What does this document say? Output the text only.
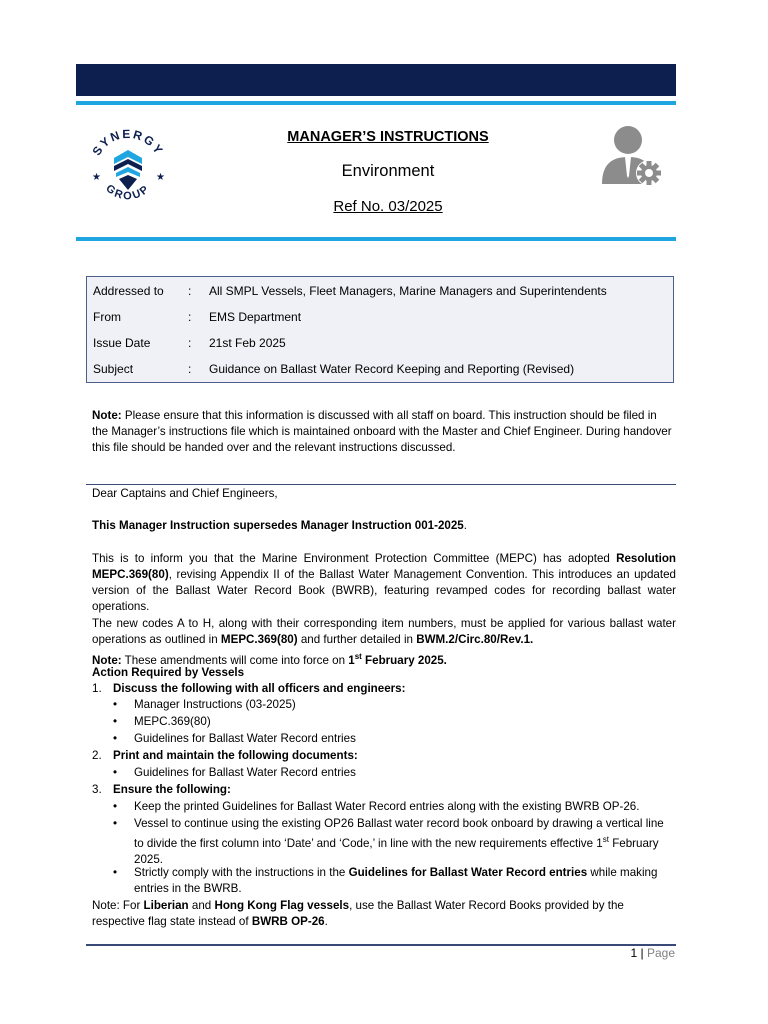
SYNERGY
GROUP
★	★
MANAGER’S INSTRUCTIONS
Environment
Ref No. 03/2025
Addressed to : All SMPL Vessels, Fleet Managers, Marine Managers and Superintendents
From	: EMS Department
Issue Date	: 21st Feb 2025
Subject	: Guidance on Ballast Water Record Keeping and Reporting (Revised)
Note: Please ensure that this information is discussed with all staff on board. This instruction should be filed in the Manager’s instructions file which is maintained onboard with the Master and Chief Engineer. During handover this file should be handed over and the relevant instructions discussed.
Dear Captains and Chief Engineers,
This Manager Instruction supersedes Manager Instruction 001-2025.
This is to inform you that the Marine Environment Protection Committee (MEPC) has adopted Resolution MEPC.369(80), revising Appendix II of the Ballast Water Management Convention. This introduces an updated version of the Ballast Water Record Book (BWRB), featuring revamped codes for recording ballast water operations.
The new codes A to H, along with their corresponding item numbers, must be applied for various ballast water operations as outlined in MEPC.369(80) and further detailed in BWM.2/Circ.80/Rev.1.
Note: These amendments will come into force on 1st February 2025.
Action Required by Vessels
1. Discuss the following with all officers and engineers:
• Manager Instructions (03-2025)
• MEPC.369(80)
• Guidelines for Ballast Water Record entries
2. Print and maintain the following documents:
• Guidelines for Ballast Water Record entries
3. Ensure the following:
• Keep the printed Guidelines for Ballast Water Record entries along with the existing BWRB OP-26.
• Vessel to continue using the existing OP26 Ballast water record book onboard by drawing a vertical line to divide the first column into ‘Date’ and ‘Code,’ in line with the new requirements effective 1st February 2025.
• Strictly comply with the instructions in the Guidelines for Ballast Water Record entries while making entries in the BWRB.
Note: For Liberian and Hong Kong Flag vessels, use the Ballast Water Record Books provided by the respective flag state instead of BWRB OP-26.
1 | Page
